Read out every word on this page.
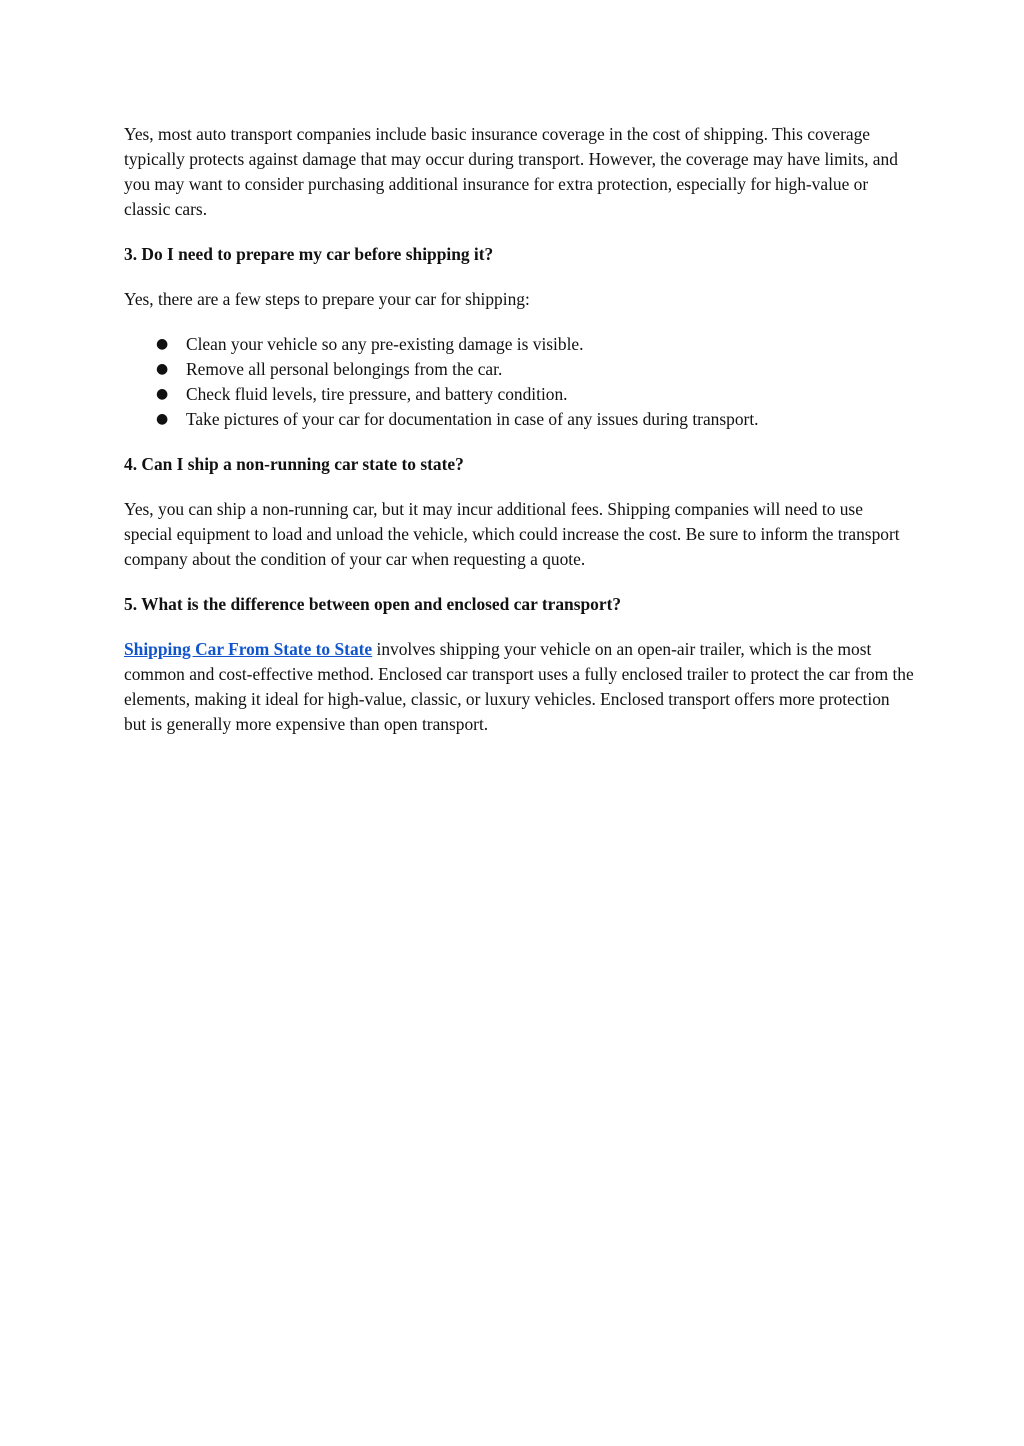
Yes, most auto transport companies include basic insurance coverage in the cost of shipping. This coverage typically protects against damage that may occur during transport. However, the coverage may have limits, and you may want to consider purchasing additional insurance for extra protection, especially for high-value or classic cars.

3. Do I need to prepare my car before shipping it?

Yes, there are a few steps to prepare your car for shipping:

● Clean your vehicle so any pre-existing damage is visible.
● Remove all personal belongings from the car.
● Check fluid levels, tire pressure, and battery condition.
● Take pictures of your car for documentation in case of any issues during transport.
4. Can I ship a non-running car state to state?

Yes, you can ship a non-running car, but it may incur additional fees. Shipping companies will need to use special equipment to load and unload the vehicle, which could increase the cost. Be sure to inform the transport company about the condition of your car when requesting a quote.

5. What is the difference between open and enclosed car transport?

Shipping Car From State to State involves shipping your vehicle on an open-air trailer, which is the most common and cost-effective method. Enclosed car transport uses a fully enclosed trailer to protect the car from the elements, making it ideal for high-value, classic, or luxury vehicles. Enclosed transport offers more protection but is generally more expensive than open transport.
